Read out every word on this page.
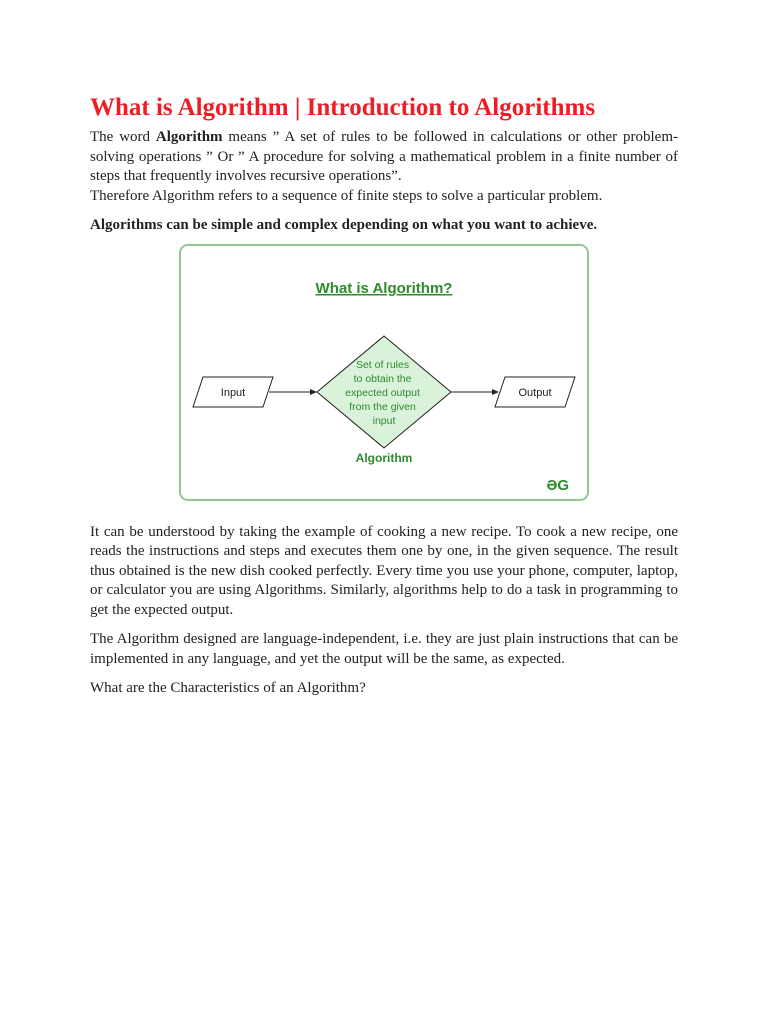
What is Algorithm | Introduction to Algorithms

The word Algorithm means ” A set of rules to be followed in calculations or other problem-solving operations ” Or ” A procedure for solving a mathematical problem in a finite number of steps that frequently involves recursive operations”.

Therefore Algorithm refers to a sequence of finite steps to solve a particular problem.

Algorithms can be simple and complex depending on what you want to achieve.

What is Algorithm?
Input
Set of rules to obtain the expected output from the given input
Algorithm
Output
ƏG

It can be understood by taking the example of cooking a new recipe. To cook a new recipe, one reads the instructions and steps and executes them one by one, in the given sequence. The result thus obtained is the new dish cooked perfectly. Every time you use your phone, computer, laptop, or calculator you are using Algorithms. Similarly, algorithms help to do a task in programming to get the expected output.

The Algorithm designed are language-independent, i.e. they are just plain instructions that can be implemented in any language, and yet the output will be the same, as expected.

What are the Characteristics of an Algorithm?
